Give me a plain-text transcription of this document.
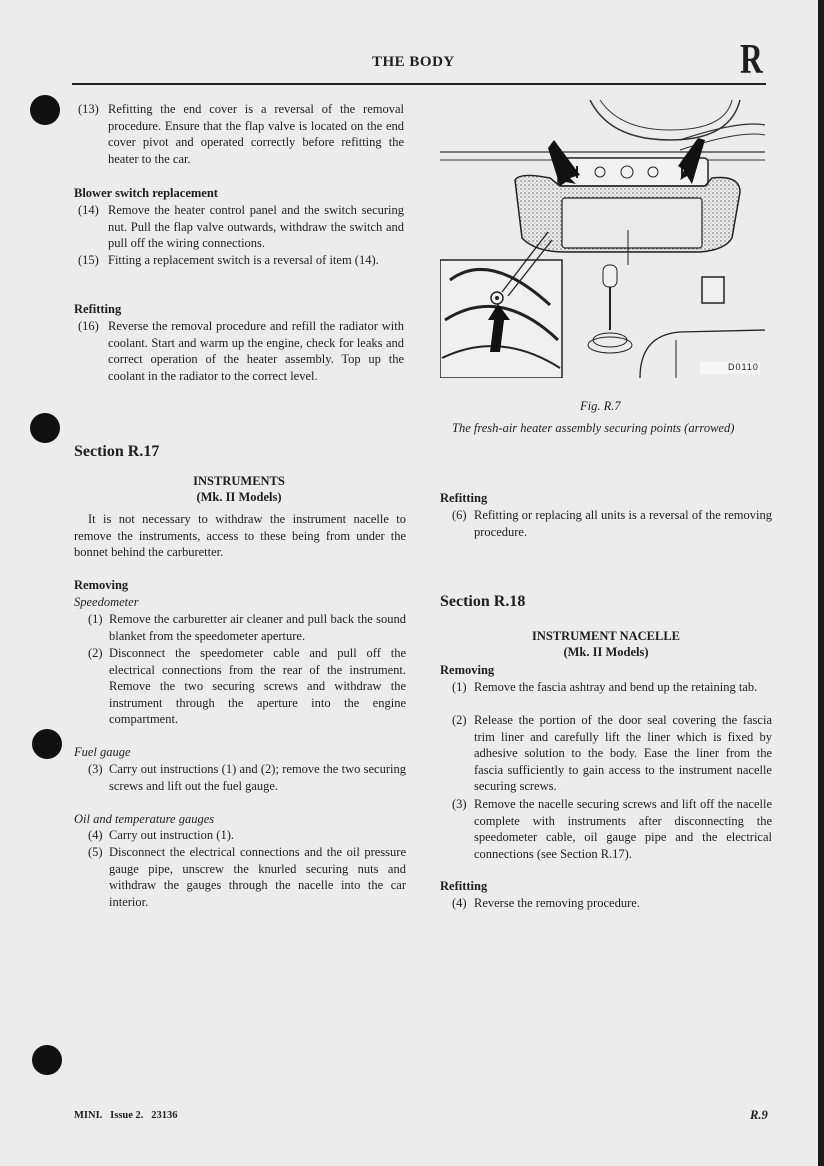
THE BODY	R
(13) Refitting the end cover is a reversal of the removal procedure. Ensure that the flap valve is located on the end cover pivot and operated correctly before refitting the heater to the car.
Blower switch replacement
(14) Remove the heater control panel and the switch securing nut. Pull the flap valve outwards, withdraw the switch and pull off the wiring connections.
(15) Fitting a replacement switch is a reversal of item (14).
Refitting
(16) Reverse the removal procedure and refill the radiator with coolant. Start and warm up the engine, check for leaks and correct operation of the heater assembly. Top up the coolant in the radiator to the correct level.
Section R.17
INSTRUMENTS
(Mk. II Models)
It is not necessary to withdraw the instrument nacelle to remove the instruments, access to these being from under the bonnet behind the carburetter.
Removing
Speedometer
(1) Remove the carburetter air cleaner and pull back the sound blanket from the speedometer aperture.
(2) Disconnect the speedometer cable and pull off the electrical connections from the rear of the instrument. Remove the two securing screws and withdraw the instrument through the aperture into the engine compartment.
Fuel gauge
(3) Carry out instructions (1) and (2); remove the two securing screws and lift out the fuel gauge.
Oil and temperature gauges
(4) Carry out instruction (1).
(5) Disconnect the electrical connections and the oil pressure gauge pipe, unscrew the knurled securing nuts and withdraw the gauges through the nacelle into the car interior.
D0110
Fig. R.7
The fresh-air heater assembly securing points (arrowed)
Refitting
(6) Refitting or replacing all units is a reversal of the removing procedure.
Section R.18
INSTRUMENT NACELLE
(Mk. II Models)
Removing
(1) Remove the fascia ashtray and bend up the retaining tab.
(2) Release the portion of the door seal covering the fascia trim liner and carefully lift the liner which is fixed by adhesive solution to the body. Ease the liner from the fascia sufficiently to gain access to the instrument nacelle securing screws.
(3) Remove the nacelle securing screws and lift off the nacelle complete with instruments after disconnecting the speedometer cable, oil gauge pipe and the electrical connections (see Section R.17).
Refitting
(4) Reverse the removing procedure.
MINI.   Issue 2.   23136	R.9
